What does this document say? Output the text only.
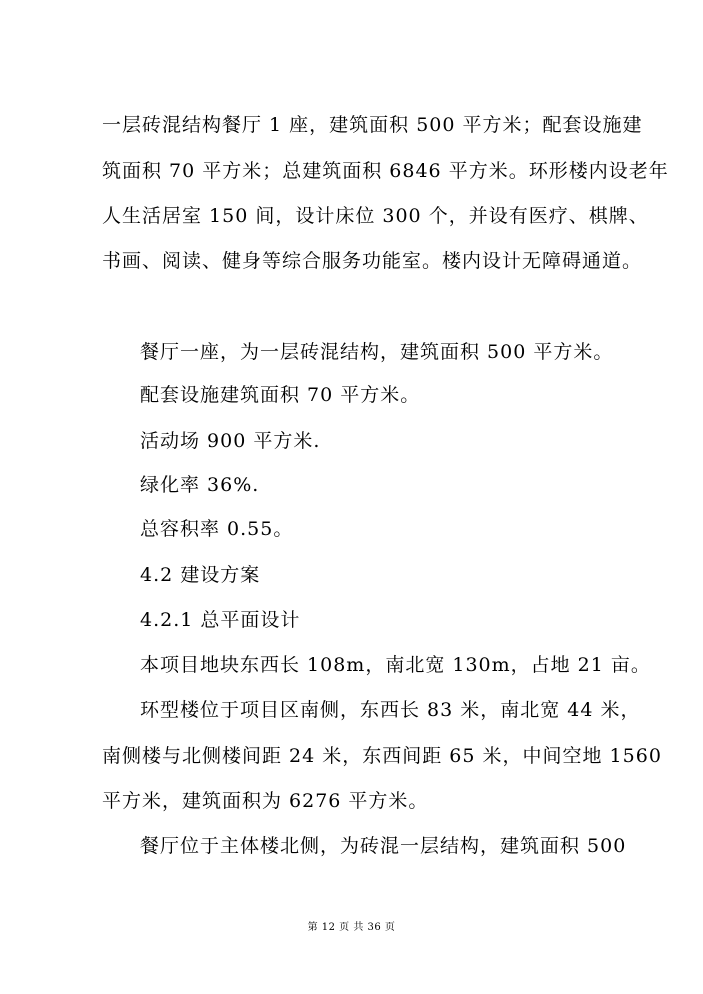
一层砖混结构餐厅 1 座，建筑面积 500 平方米；配套设施建
筑面积 70 平方米；总建筑面积 6846 平方米。环形楼内设老年
人生活居室 150 间，设计床位 300 个，并设有医疗、棋牌、
书画、阅读、健身等综合服务功能室。楼内设计无障碍通道。
餐厅一座，为一层砖混结构，建筑面积 500 平方米。
配套设施建筑面积 70 平方米。
活动场 900 平方米.
绿化率 36%.
总容积率 0.55。
4.2 建设方案
4.2.1 总平面设计
本项目地块东西长 108m，南北宽 130m，占地 21 亩。
环型楼位于项目区南侧，东西长 83 米，南北宽 44 米，
南侧楼与北侧楼间距 24 米，东西间距 65 米，中间空地 1560
平方米，建筑面积为 6276 平方米。
餐厅位于主体楼北侧，为砖混一层结构，建筑面积 500
第 12 页 共 36 页
